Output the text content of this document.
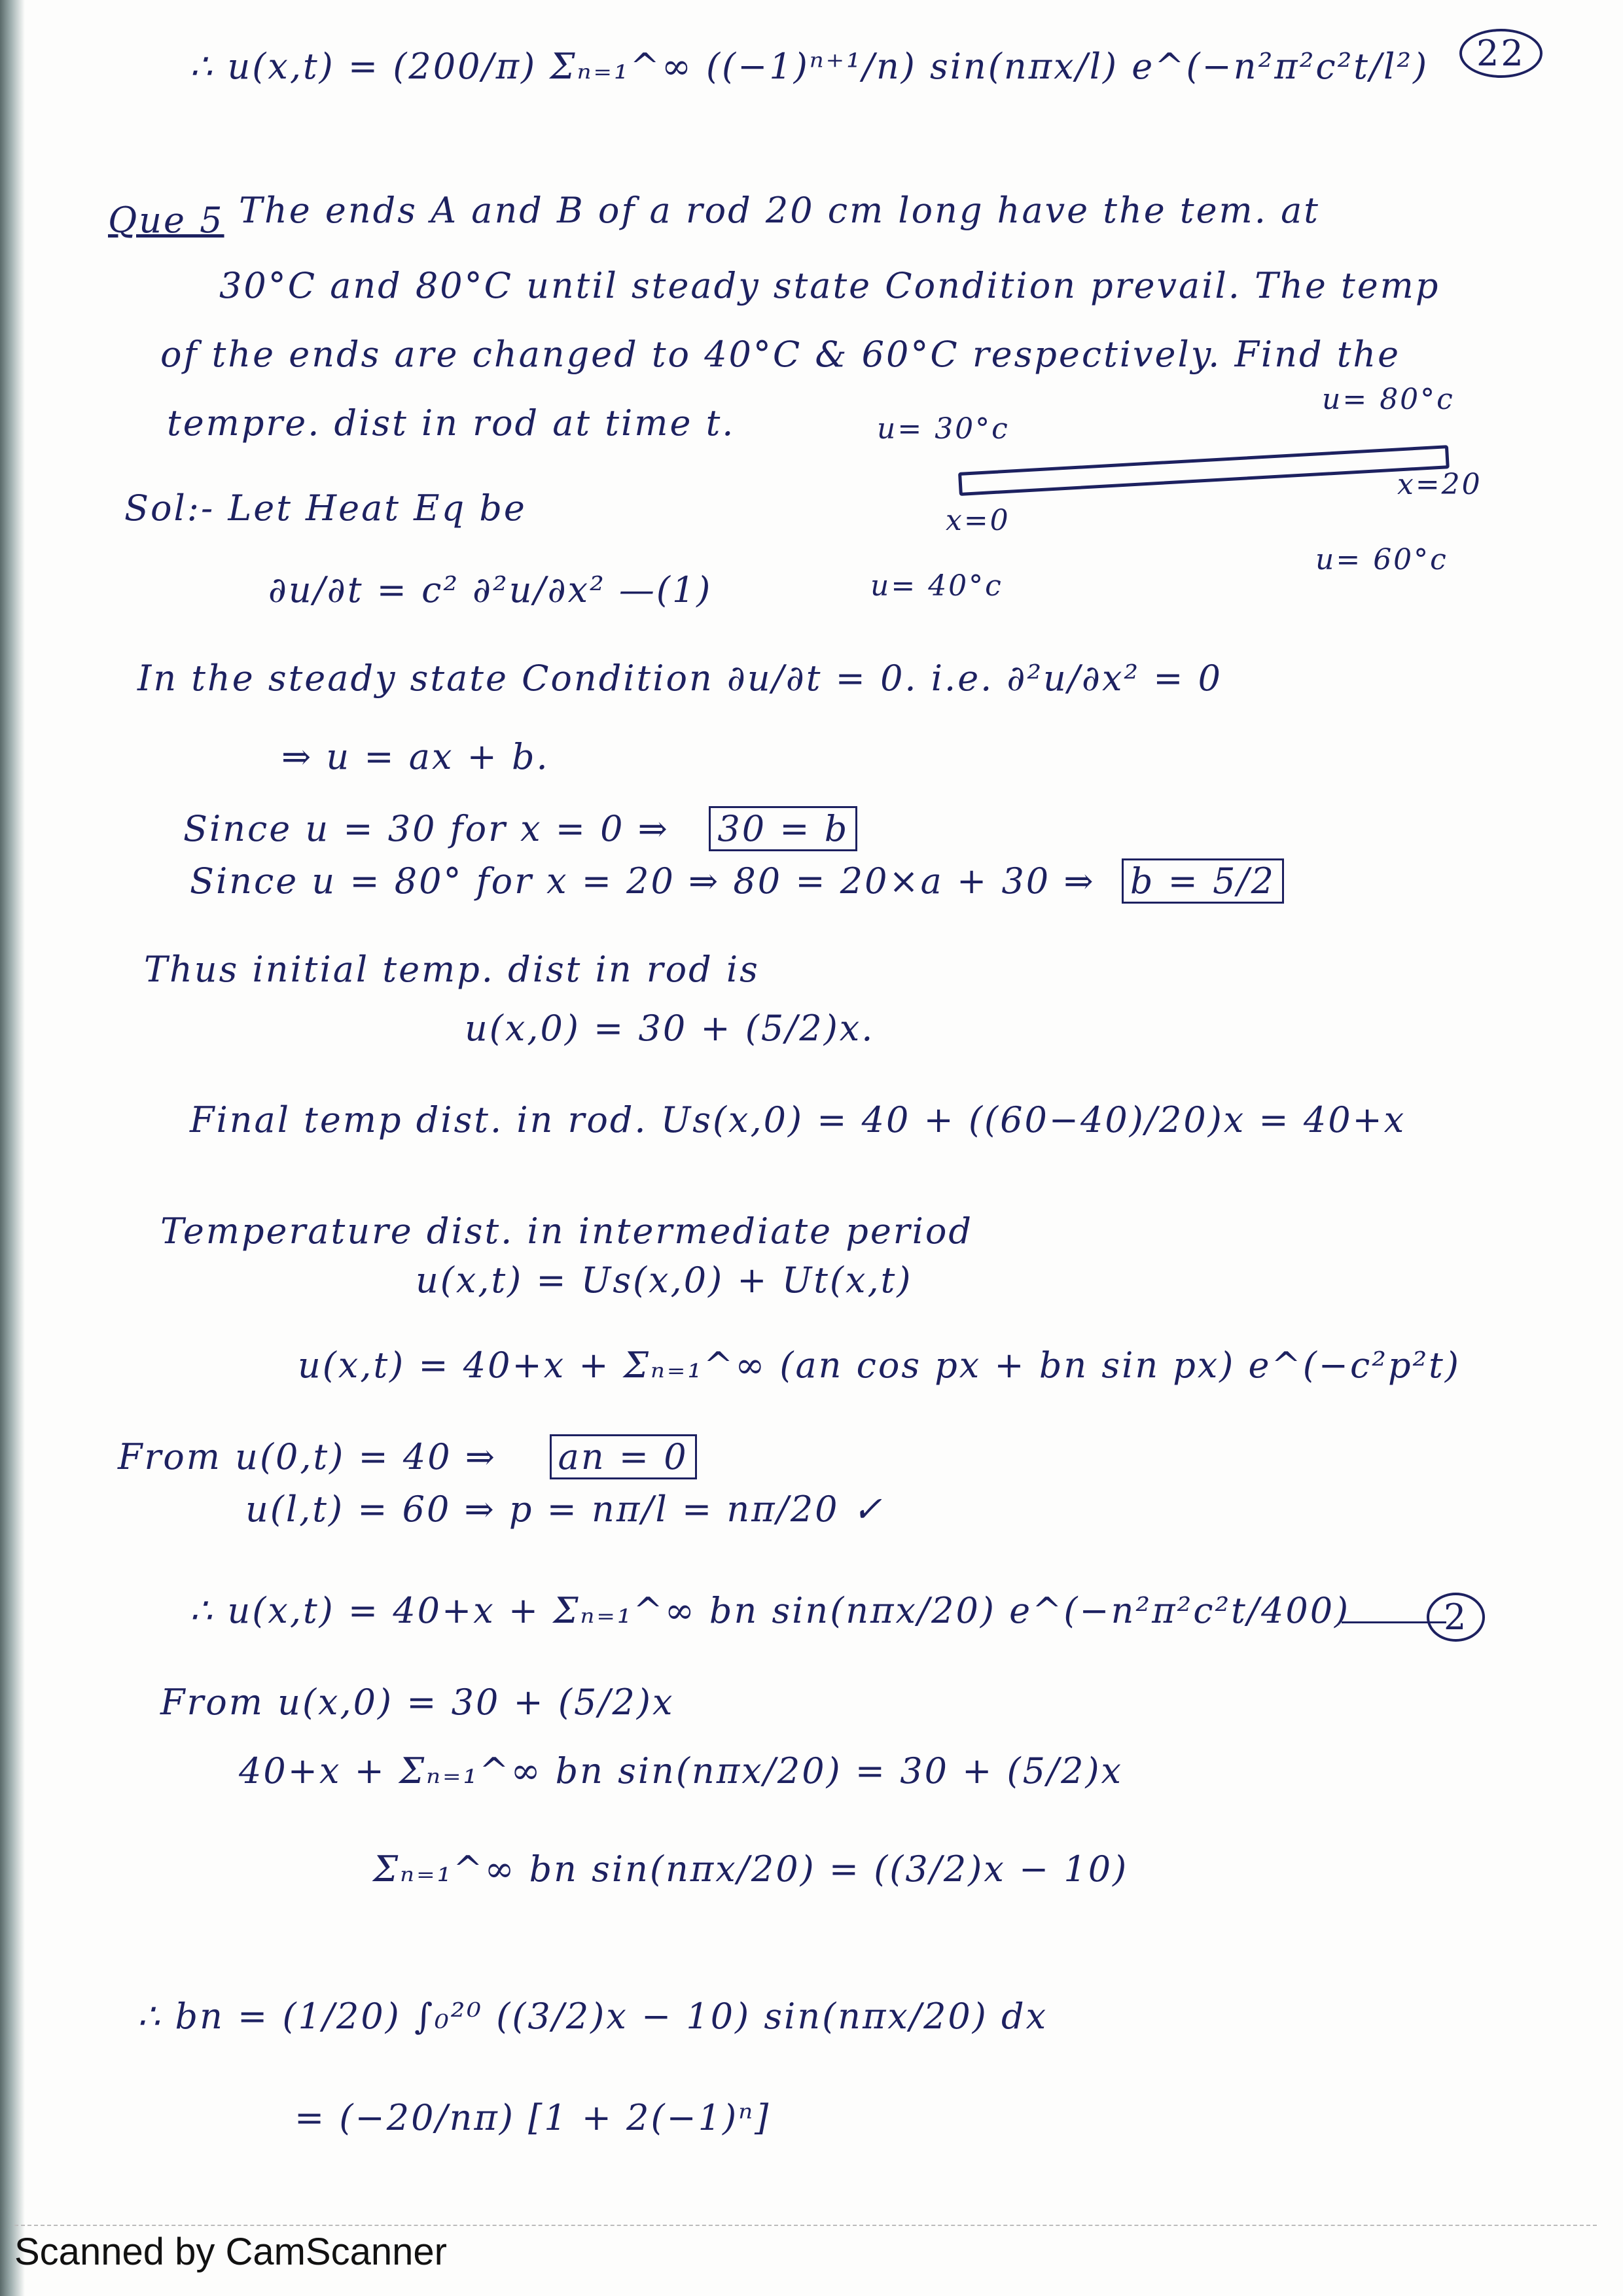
∴ u(x,t) = (200/π) Σₙ₌₁^∞ ((−1)ⁿ⁺¹/n) sin(nπx/l) e^(−n²π²c²t/l²)	22
Que 5 The ends A and B of a rod 20 cm long have the tem. at
30°C and 80°C until steady state Condition prevail. The temp
of the ends are changed to 40°C & 60°C respectively. Find the
tempre. dist in rod at time t.	u= 30°c
u= 80°c
x=0
x=20
u= 40°c
u= 60°c
Sol:- Let Heat Eq be
∂u/∂t = c² ∂²u/∂x² —(1)
In the steady state Condition ∂u/∂t = 0. i.e. ∂²u/∂x² = 0
⇒ u = ax + b.
Since u = 30 for x = 0 ⇒ 30 = b
Since u = 80° for x = 20 ⇒ 80 = 20×a + 30 ⇒ b = 5/2
Thus initial temp. dist in rod is
u(x,0) = 30 + (5/2)x.
Final temp dist. in rod. Us(x,0) = 40 + ((60−40)/20)x = 40+x
Temperature dist. in intermediate period
u(x,t) = Us(x,0) + Ut(x,t)
u(x,t) = 40+x + Σₙ₌₁^∞ (an cos px + bn sin px) e^(−c²p²t)
From u(0,t) = 40 ⇒ an = 0
u(l,t) = 60 ⇒ p = nπ/l = nπ/20 ✓
∴ u(x,t) = 40+x + Σₙ₌₁^∞ bn sin(nπx/20) e^(−n²π²c²t/400)	2
From u(x,0) = 30 + (5/2)x
40+x + Σₙ₌₁^∞ bn sin(nπx/20) = 30 + (5/2)x
Σₙ₌₁^∞ bn sin(nπx/20) = ((3/2)x − 10)
∴ bn = (1/20) ∫₀²⁰ ((3/2)x − 10) sin(nπx/20) dx
= (−20/nπ) [1 + 2(−1)ⁿ]
Scanned by CamScanner
